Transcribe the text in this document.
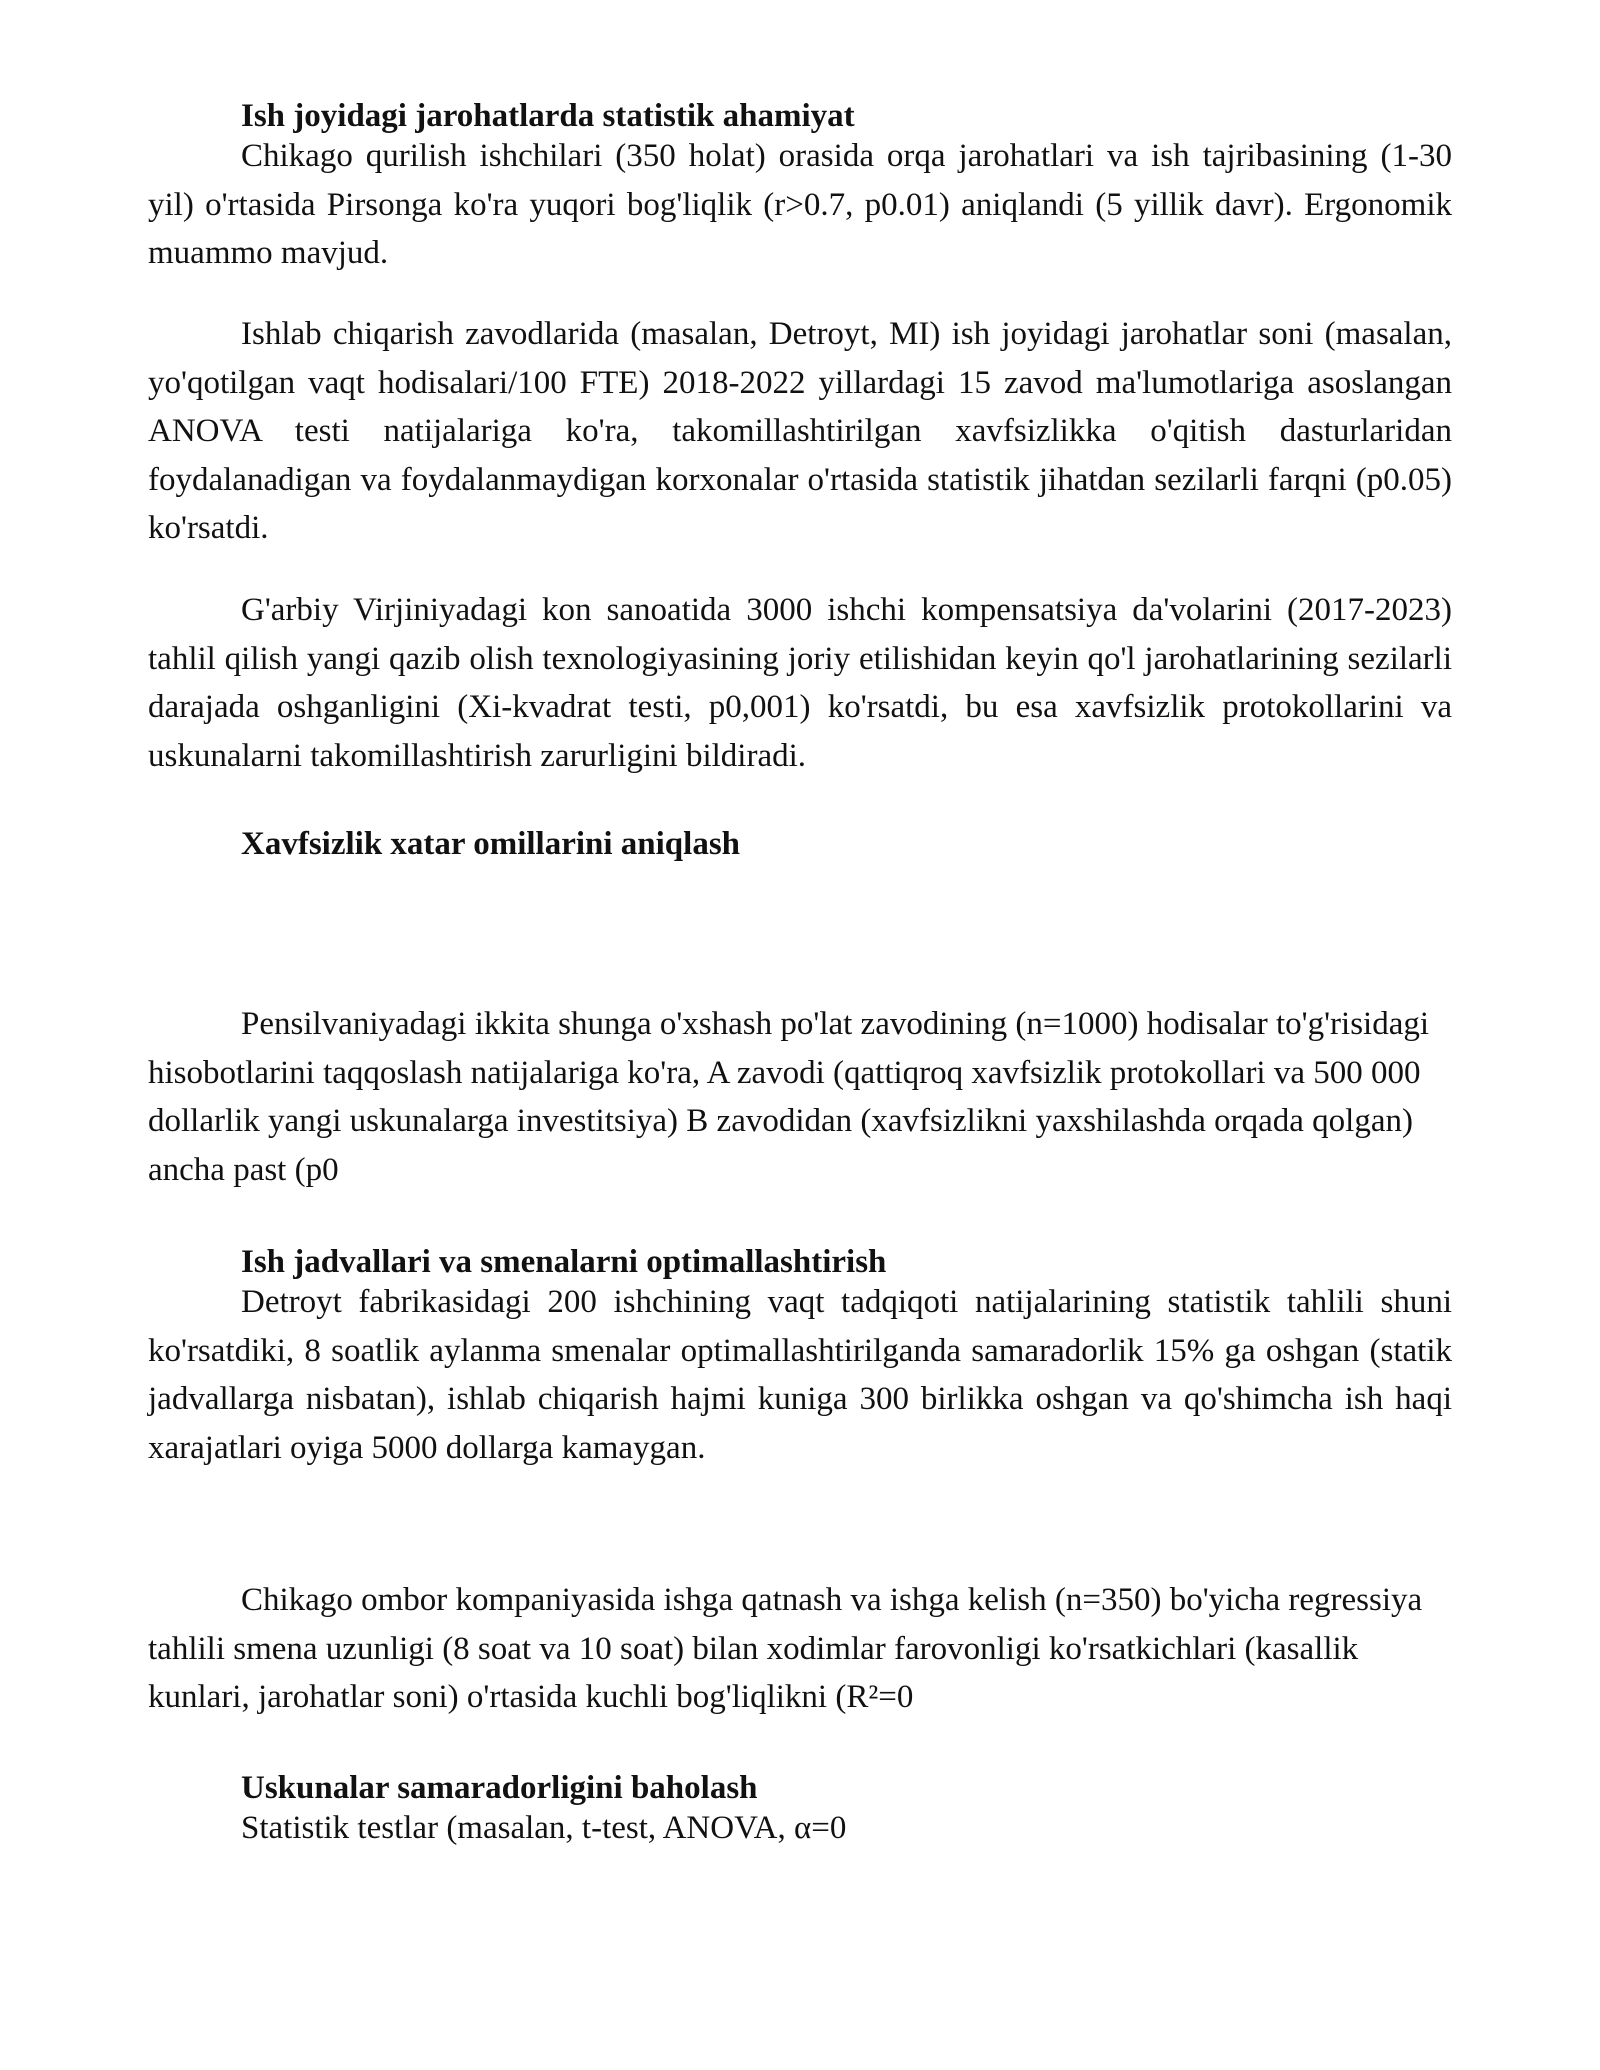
Ish joyidagi jarohatlarda statistik ahamiyat

Chikago qurilish ishchilari (350 holat) orasida orqa jarohatlari va ish tajribasining (1-30 yil) o'rtasida Pirsonga ko'ra yuqori bog'liqlik (r>0.7, p0.01) aniqlandi (5 yillik davr). Ergonomik muammo mavjud.

Ishlab chiqarish zavodlarida (masalan, Detroyt, MI) ish joyidagi jarohatlar soni (masalan, yo'qotilgan vaqt hodisalari/100 FTE) 2018-2022 yillardagi 15 zavod ma'lumotlariga asoslangan ANOVA testi natijalariga ko'ra, takomillashtirilgan xavfsizlikka o'qitish dasturlaridan foydalanadigan va foydalanmaydigan korxonalar o'rtasida statistik jihatdan sezilarli farqni (p0.05) ko'rsatdi.

G'arbiy Virjiniyadagi kon sanoatida 3000 ishchi kompensatsiya da'volarini (2017-2023) tahlil qilish yangi qazib olish texnologiyasining joriy etilishidan keyin qo'l jarohatlarining sezilarli darajada oshganligini (Xi-kvadrat testi, p0,001) ko'rsatdi, bu esa xavfsizlik protokollarini va uskunalarni takomillashtirish zarurligini bildiradi.

Xavfsizlik xatar omillarini aniqlash

Pensilvaniyadagi ikkita shunga o'xshash po'lat zavodining (n=1000) hodisalar to'g'risidagi hisobotlarini taqqoslash natijalariga ko'ra, A zavodi (qattiqroq xavfsizlik protokollari va 500 000 dollarlik yangi uskunalarga investitsiya) B zavodidan (xavfsizlikni yaxshilashda orqada qolgan) ancha past (p0

Ish jadvallari va smenalarni optimallashtirish

Detroyt fabrikasidagi 200 ishchining vaqt tadqiqoti natijalarining statistik tahlili shuni ko'rsatdiki, 8 soatlik aylanma smenalar optimallashtirilganda samaradorlik 15% ga oshgan (statik jadvallarga nisbatan), ishlab chiqarish hajmi kuniga 300 birlikka oshgan va qo'shimcha ish haqi xarajatlari oyiga 5000 dollarga kamaygan.

Chikago ombor kompaniyasida ishga qatnash va ishga kelish (n=350) bo'yicha regressiya tahlili smena uzunligi (8 soat va 10 soat) bilan xodimlar farovonligi ko'rsatkichlari (kasallik kunlari, jarohatlar soni) o'rtasida kuchli bog'liqlikni (R²=0

Uskunalar samaradorligini baholash

Statistik testlar (masalan, t-test, ANOVA, α=0
